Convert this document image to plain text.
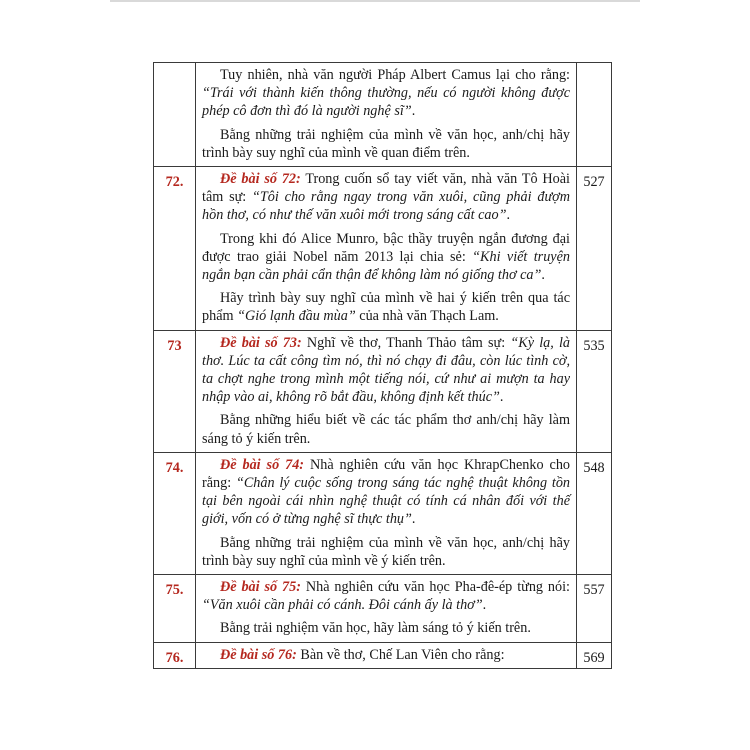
	Tuy nhiên, nhà văn người Pháp Albert Camus lại cho rằng: “Trái với thành kiến thông thường, nếu có người không được phép cô đơn thì đó là người nghệ sĩ”.

Bằng những trải nghiệm của mình về văn học, anh/chị hãy trình bày suy nghĩ của mình về quan điểm trên.	

72.	Đề bài số 72: Trong cuốn sổ tay viết văn, nhà văn Tô Hoài tâm sự: “Tôi cho rằng ngay trong văn xuôi, cũng phải đượm hồn thơ, có như thế văn xuôi mới trong sáng cất cao”.

Trong khi đó Alice Munro, bậc thầy truyện ngắn đương đại được trao giải Nobel năm 2013 lại chia sẻ: “Khi viết truyện ngắn bạn cần phải cẩn thận để không làm nó giống thơ ca”.

Hãy trình bày suy nghĩ của mình về hai ý kiến trên qua tác phẩm “Gió lạnh đầu mùa” của nhà văn Thạch Lam.	527
73	Đề bài số 73: Nghĩ về thơ, Thanh Thảo tâm sự: “Kỳ lạ, là thơ. Lúc ta cất công tìm nó, thì nó chạy đi đâu, còn lúc tình cờ, ta chợt nghe trong mình một tiếng nói, cứ như ai mượn ta hay nhập vào ai, không rõ bắt đầu, không định kết thúc”.

Bằng những hiểu biết về các tác phẩm thơ anh/chị hãy làm sáng tỏ ý kiến trên.	535
74.	Đề bài số 74: Nhà nghiên cứu văn học KhrapChenko cho rằng: “Chân lý cuộc sống trong sáng tác nghệ thuật không tồn tại bên ngoài cái nhìn nghệ thuật có tính cá nhân đối với thế giới, vốn có ở từng nghệ sĩ thực thụ”.

Bằng những trải nghiệm của mình về văn học, anh/chị hãy trình bày suy nghĩ của mình về ý kiến trên.	548
75.	Đề bài số 75: Nhà nghiên cứu văn học Pha-đê-ép từng nói: “Văn xuôi cần phải có cánh. Đôi cánh ấy là thơ”.

Bằng trải nghiệm văn học, hãy làm sáng tỏ ý kiến trên.	557
76.	Đề bài số 76: Bàn về thơ, Chế Lan Viên cho rằng:	569
